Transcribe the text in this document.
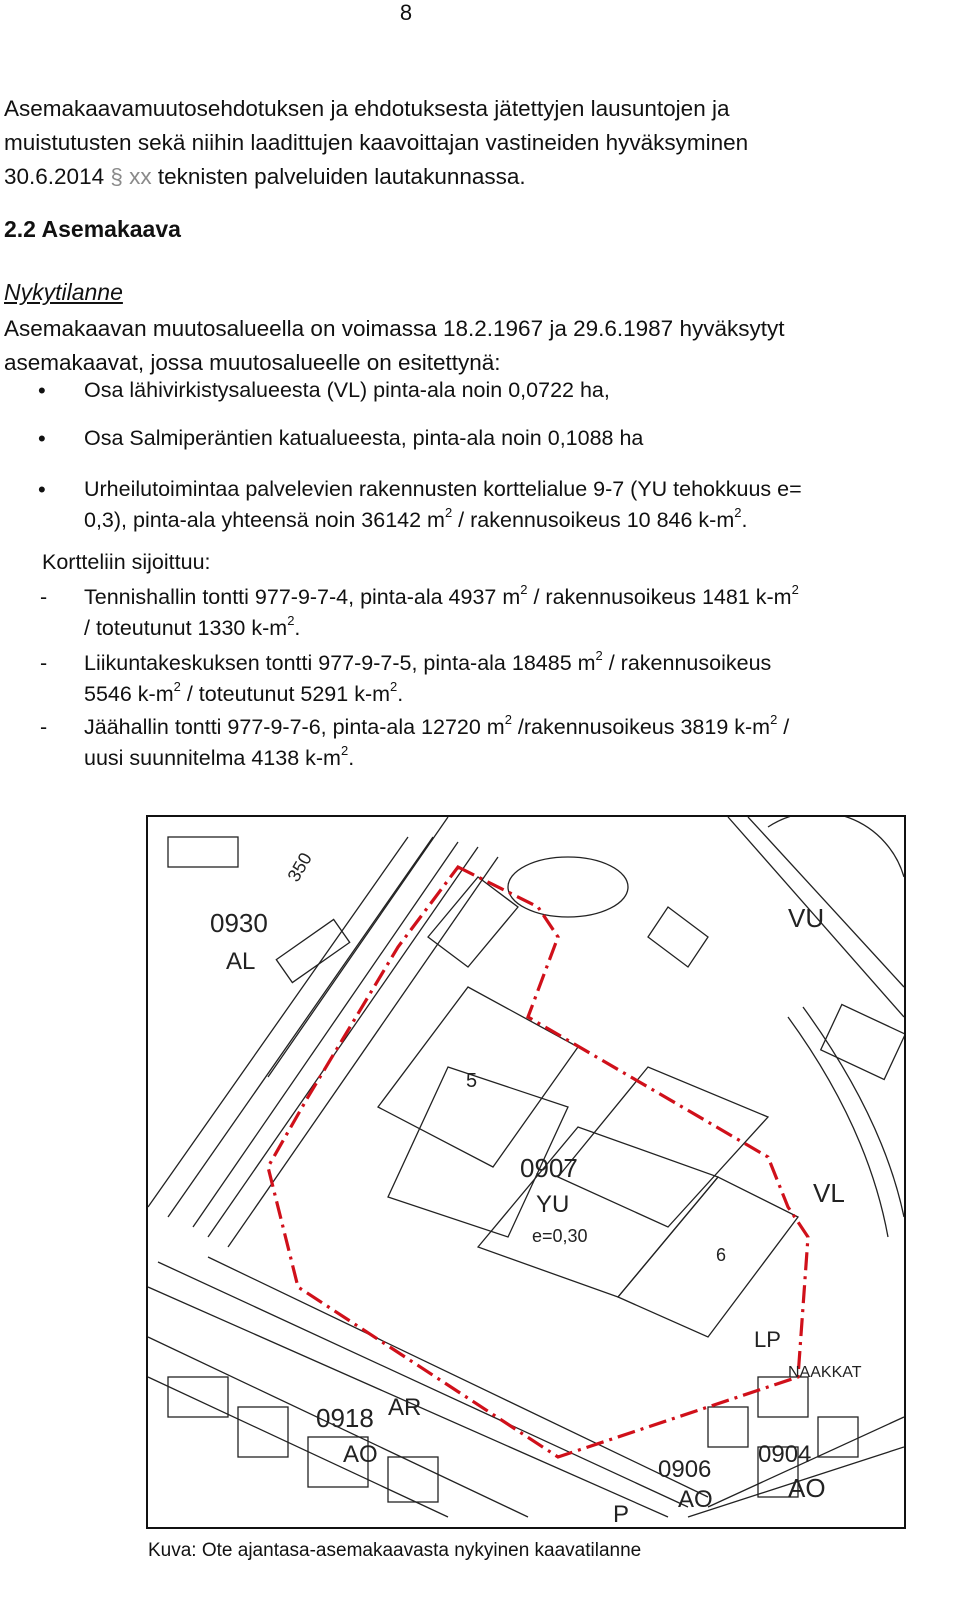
8
Asemakaavamuutosehdotuksen ja ehdotuksesta jätettyjen lausuntojen ja
muistutusten sekä niihin laadittujen kaavoittajan vastineiden hyväksyminen
30.6.2014 § xx teknisten palveluiden lautakunnassa.
2.2 Asemakaava
Nykytilanne
Asemakaavan muutosalueella on voimassa 18.2.1967 ja 29.6.1987 hyväksytyt
asemakaavat, jossa muutosalueelle on esitettynä:
• Osa lähivirkistysalueesta (VL) pinta-ala noin 0,0722 ha,
• Osa Salmiperäntien katualueesta, pinta-ala noin 0,1088 ha
• Urheilutoimintaa palvelevien rakennusten korttelialue 9-7 (YU tehokkuus e=
0,3), pinta-ala yhteensä noin 36142 $m^2$ / rakennusoikeus 10 846 $k-m^2$.
Kortteliin sijoittuu:
- Tennishallin tontti 977-9-7-4, pinta-ala 4937 $m^2$ / rakennusoikeus 1481 $k-m^2$
/ toteutunut 1330 $k-m^2$.
- Liikuntakeskuksen tontti 977-9-7-5, pinta-ala 18485 $m^2$ / rakennusoikeus
5546 $k-m^2$ / toteutunut 5291 $k-m^2$.
- Jäähallin tontti 977-9-7-6, pinta-ala 12720 $m^2$ /rakennusoikeus 3819 $k-m^2$ /
uusi suunnitelma 4138 $k-m^2$.
0930
AL
VU
5
0907
YU
e=0,30
VL
6
LP
NAAKKAT
0918 AR
AO
0906
AO
0904
AO
P
350
Kuva: Ote ajantasa-asemakaavasta nykyinen kaavatilanne
